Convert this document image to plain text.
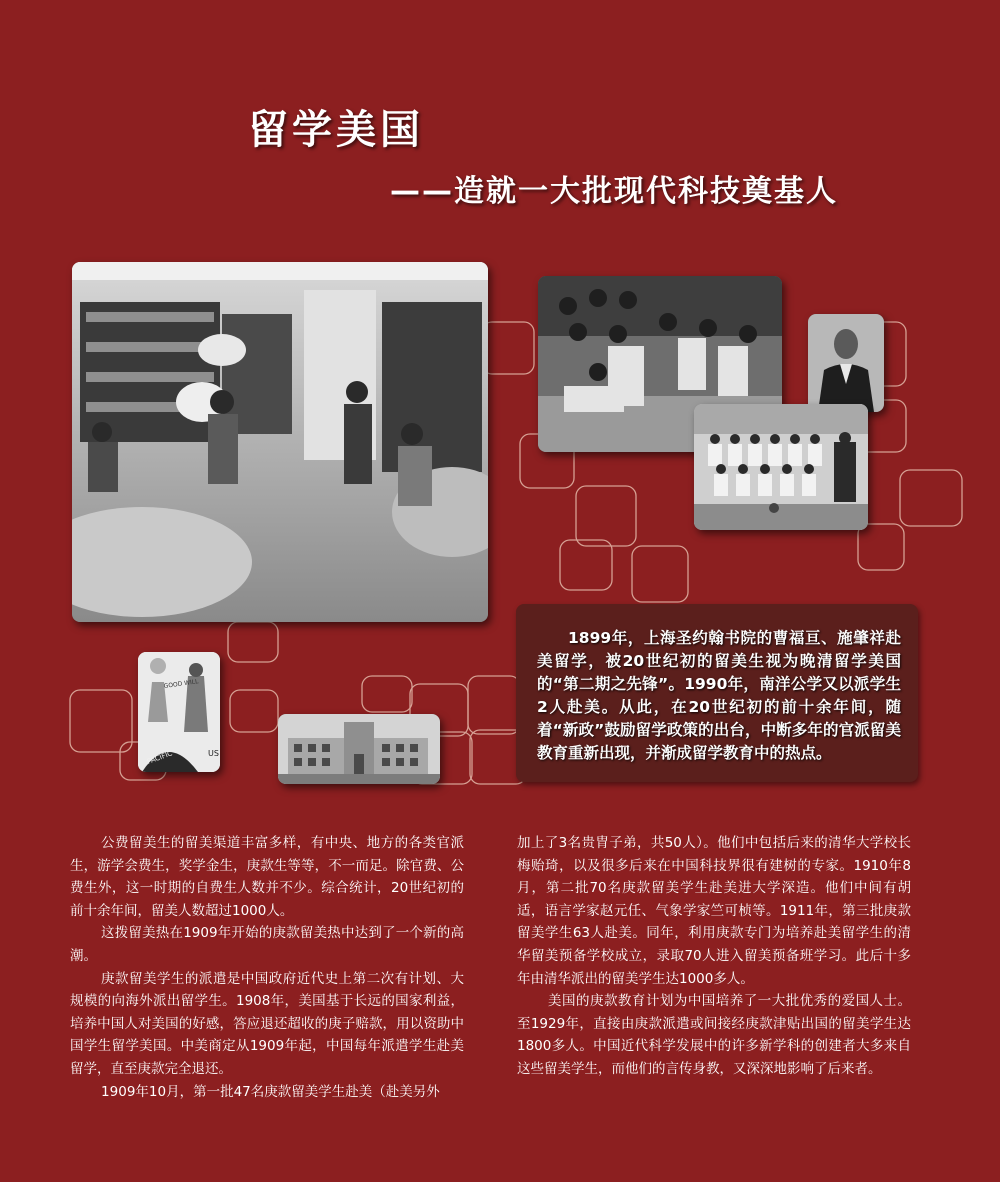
留学美国
——造就一大批现代科技奠基人
GOOD WILL
PACIFIC	US
1899年，上海圣约翰书院的曹福亘、施肇祥赴美留学，被20世纪初的留美生视为晚清留学美国的“第二期之先锋”。1990年，南洋公学又以派学生2人赴美。从此，在20世纪初的前十余年间，随着“新政”鼓励留学政策的出台，中断多年的官派留美教育重新出现，并渐成留学教育中的热点。

公费留美生的留美渠道丰富多样，有中央、地方的各类官派生，游学会费生，奖学金生，庚款生等等，不一而足。除官费、公费生外，这一时期的自费生人数并不少。综合统计，20世纪初的前十余年间，留美人数超过1000人。

这拨留美热在1909年开始的庚款留美热中达到了一个新的高潮。

庚款留美学生的派遣是中国政府近代史上第二次有计划、大规模的向海外派出留学生。1908年，美国基于长远的国家利益，培养中国人对美国的好感，答应退还超收的庚子赔款，用以资助中国学生留学美国。中美商定从1909年起，中国每年派遣学生赴美留学，直至庚款完全退还。

1909年10月，第一批47名庚款留美学生赴美（赴美另外

加上了3名贵胄子弟，共50人）。他们中包括后来的清华大学校长梅贻琦，以及很多后来在中国科技界很有建树的专家。1910年8月，第二批70名庚款留美学生赴美进大学深造。他们中间有胡适，语言学家赵元任、气象学家竺可桢等。1911年，第三批庚款留美学生63人赴美。同年，利用庚款专门为培养赴美留学生的清华留美预备学校成立，录取70人进入留美预备班学习。此后十多年由清华派出的留美学生达1000多人。

美国的庚款教育计划为中国培养了一大批优秀的爱国人士。至1929年，直接由庚款派遣或间接经庚款津贴出国的留美学生达1800多人。中国近代科学发展中的许多新学科的创建者大多来自这些留美学生，而他们的言传身教，又深深地影响了后来者。
